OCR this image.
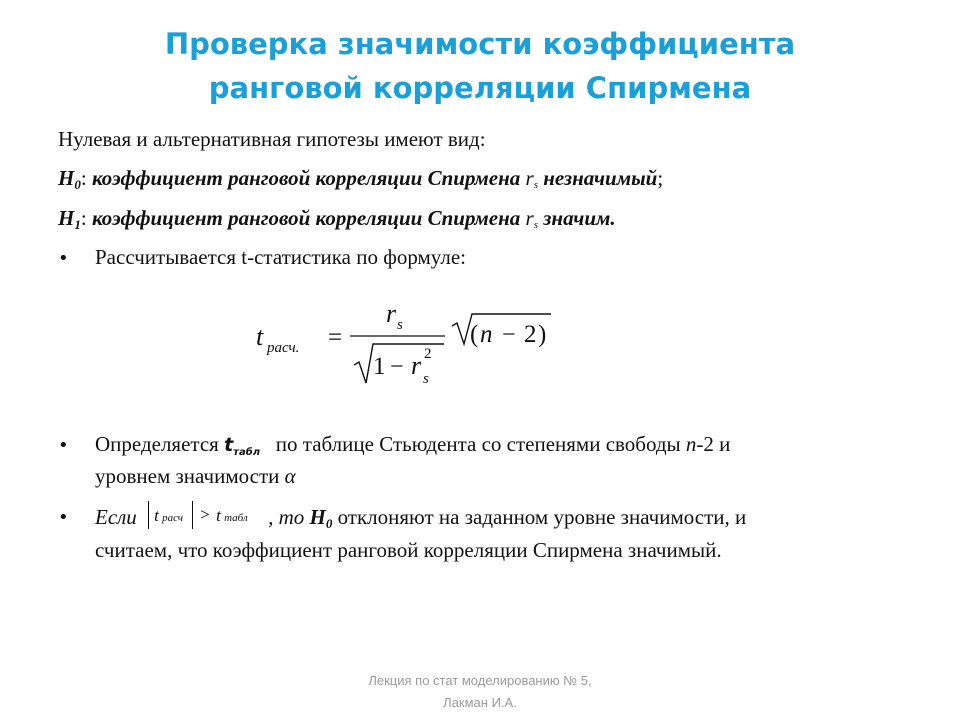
Проверка значимости коэффициента
ранговой корреляции Спирмена
Нулевая и альтернативная гипотезы имеют вид:
$H_0$: коэффициент ранговой корреляции Спирмена rs незначимый;
$H_1$: коэффициент ранговой корреляции Спирмена rs значим.
• Рассчитывается t-статистика по формуле:
t расч. =
r s
1 − r s
2
( n − 2 )
• Определяется tтабл   по таблице Стьюдента со степенями свободы n-2 и
уровнем значимости α
• Если t расч > t табл , то $H_0$ отклоняют на заданном уровне значимости, и
считаем, что коэффициент ранговой корреляции Спирмена значимый.
Лекция по стат моделированию № 5,
Лакман И.А.
